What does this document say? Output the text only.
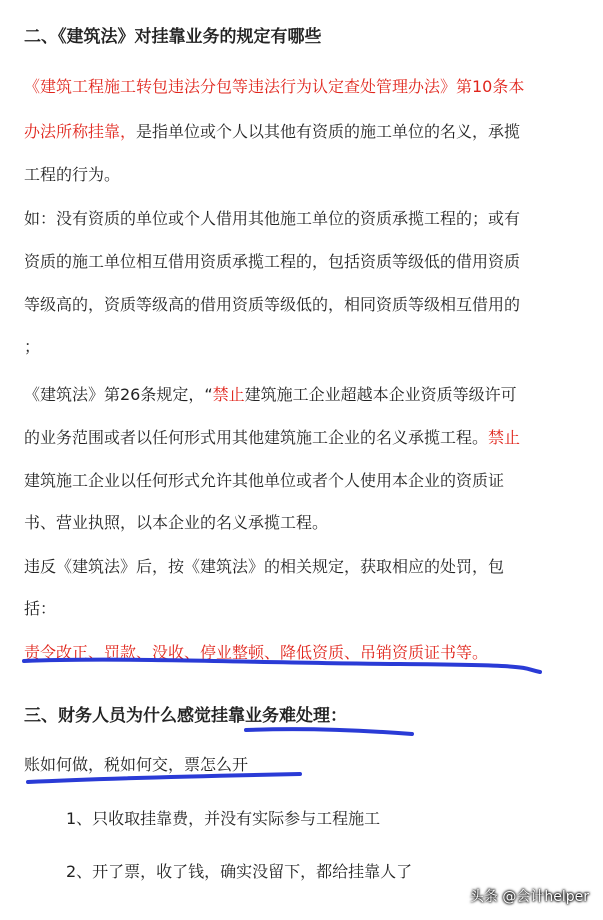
二、《建筑法》对挂靠业务的规定有哪些
《建筑工程施工转包违法分包等违法行为认定查处管理办法》第10条本
办法所称挂靠，是指单位或个人以其他有资质的施工单位的名义，承揽
工程的行为。
如：没有资质的单位或个人借用其他施工单位的资质承揽工程的；或有
资质的施工单位相互借用资质承揽工程的，包括资质等级低的借用资质
等级高的，资质等级高的借用资质等级低的，相同资质等级相互借用的
；
《建筑法》第26条规定，“禁止建筑施工企业超越本企业资质等级许可
的业务范围或者以任何形式用其他建筑施工企业的名义承揽工程。禁止
建筑施工企业以任何形式允许其他单位或者个人使用本企业的资质证
书、营业执照，以本企业的名义承揽工程。
违反《建筑法》后，按《建筑法》的相关规定，获取相应的处罚，包
括：
责令改正、罚款、没收、停业整顿、降低资质、吊销资质证书等。
三、财务人员为什么感觉挂靠业务难处理：
账如何做，税如何交，票怎么开
1、只收取挂靠费，并没有实际参与工程施工
2、开了票，收了钱，确实没留下，都给挂靠人了
头条 @会计helper
